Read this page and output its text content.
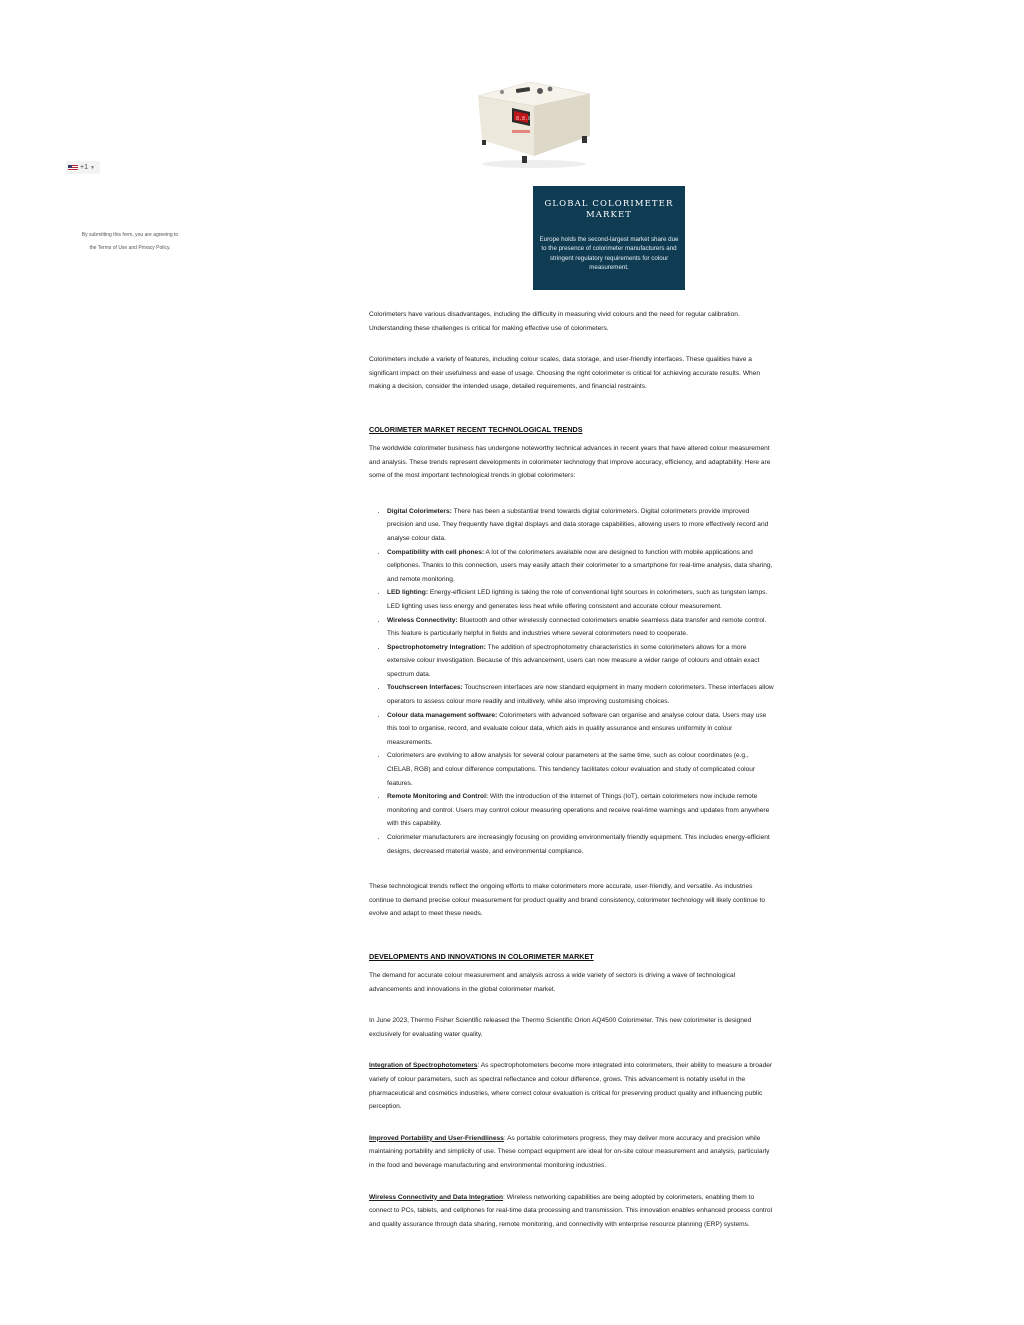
+1 ▼
By submitting this form, you are agreeing to
the Terms of Use and Privacy Policy.
8.8.8
GLOBAL COLORIMETER
MARKET
Europe holds the second-largest market share due to the presence of colorimeter manufacturers and stringent regulatory requirements for colour measurement.

Colorimeters have various disadvantages, including the difficulty in measuring vivid colours and the need for regular calibration. Understanding these challenges is critical for making effective use of colorimeters.

Colorimeters include a variety of features, including colour scales, data storage, and user-friendly interfaces. These qualities have a significant impact on their usefulness and ease of usage. Choosing the right colorimeter is critical for achieving accurate results. When making a decision, consider the intended usage, detailed requirements, and financial restraints.

COLORIMETER MARKET RECENT TECHNOLOGICAL TRENDS

The worldwide colorimeter business has undergone noteworthy technical advances in recent years that have altered colour measurement and analysis. These trends represent developments in colorimeter technology that improve accuracy, efficiency, and adaptability. Here are some of the most important technological trends in global colorimeters:

• Digital Colorimeters: There has been a substantial trend towards digital colorimeters. Digital colorimeters provide improved precision and use. They frequently have digital displays and data storage capabilities, allowing users to more effectively record and analyse colour data.
• Compatibility with cell phones: A lot of the colorimeters available now are designed to function with mobile applications and cellphones. Thanks to this connection, users may easily attach their colorimeter to a smartphone for real-time analysis, data sharing, and remote monitoring.
• LED lighting: Energy-efficient LED lighting is taking the role of conventional light sources in colorimeters, such as tungsten lamps. LED lighting uses less energy and generates less heat while offering consistent and accurate colour measurement.
• Wireless Connectivity: Bluetooth and other wirelessly connected colorimeters enable seamless data transfer and remote control. This feature is particularly helpful in fields and industries where several colorimeters need to cooperate.
• Spectrophotometry Integration: The addition of spectrophotometry characteristics in some colorimeters allows for a more extensive colour investigation. Because of this advancement, users can now measure a wider range of colours and obtain exact spectrum data.
• Touchscreen Interfaces: Touchscreen interfaces are now standard equipment in many modern colorimeters. These interfaces allow operators to assess colour more readily and intuitively, while also improving customising choices.
• Colour data management software: Colorimeters with advanced software can organise and analyse colour data. Users may use this tool to organise, record, and evaluate colour data, which aids in quality assurance and ensures uniformity in colour measurements.
• Colorimeters are evolving to allow analysis for several colour parameters at the same time, such as colour coordinates (e.g., CIELAB, RGB) and colour difference computations. This tendency facilitates colour evaluation and study of complicated colour features.
• Remote Monitoring and Control: With the introduction of the Internet of Things (IoT), certain colorimeters now include remote monitoring and control. Users may control colour measuring operations and receive real-time warnings and updates from anywhere with this capability.
• Colorimeter manufacturers are increasingly focusing on providing environmentally friendly equipment. This includes energy-efficient designs, decreased material waste, and environmental compliance.

These technological trends reflect the ongoing efforts to make colorimeters more accurate, user-friendly, and versatile. As industries continue to demand precise colour measurement for product quality and brand consistency, colorimeter technology will likely continue to evolve and adapt to meet these needs.

DEVELOPMENTS AND INNOVATIONS IN COLORIMETER MARKET

The demand for accurate colour measurement and analysis across a wide variety of sectors is driving a wave of technological advancements and innovations in the global colorimeter market.

In June 2023, Thermo Fisher Scientific released the Thermo Scientific Orion AQ4500 Colorimeter. This new colorimeter is designed exclusively for evaluating water quality.

Integration of Spectrophotometers: As spectrophotometers become more integrated into colorimeters, their ability to measure a broader variety of colour parameters, such as spectral reflectance and colour difference, grows. This advancement is notably useful in the pharmaceutical and cosmetics industries, where correct colour evaluation is critical for preserving product quality and influencing public perception.

Improved Portability and User-Friendliness: As portable colorimeters progress, they may deliver more accuracy and precision while maintaining portability and simplicity of use. These compact equipment are ideal for on-site colour measurement and analysis, particularly in the food and beverage manufacturing and environmental monitoring industries.

Wireless Connectivity and Data Integration: Wireless networking capabilities are being adopted by colorimeters, enabling them to connect to PCs, tablets, and cellphones for real-time data processing and transmission. This innovation enables enhanced process control and quality assurance through data sharing, remote monitoring, and connectivity with enterprise resource planning (ERP) systems.
